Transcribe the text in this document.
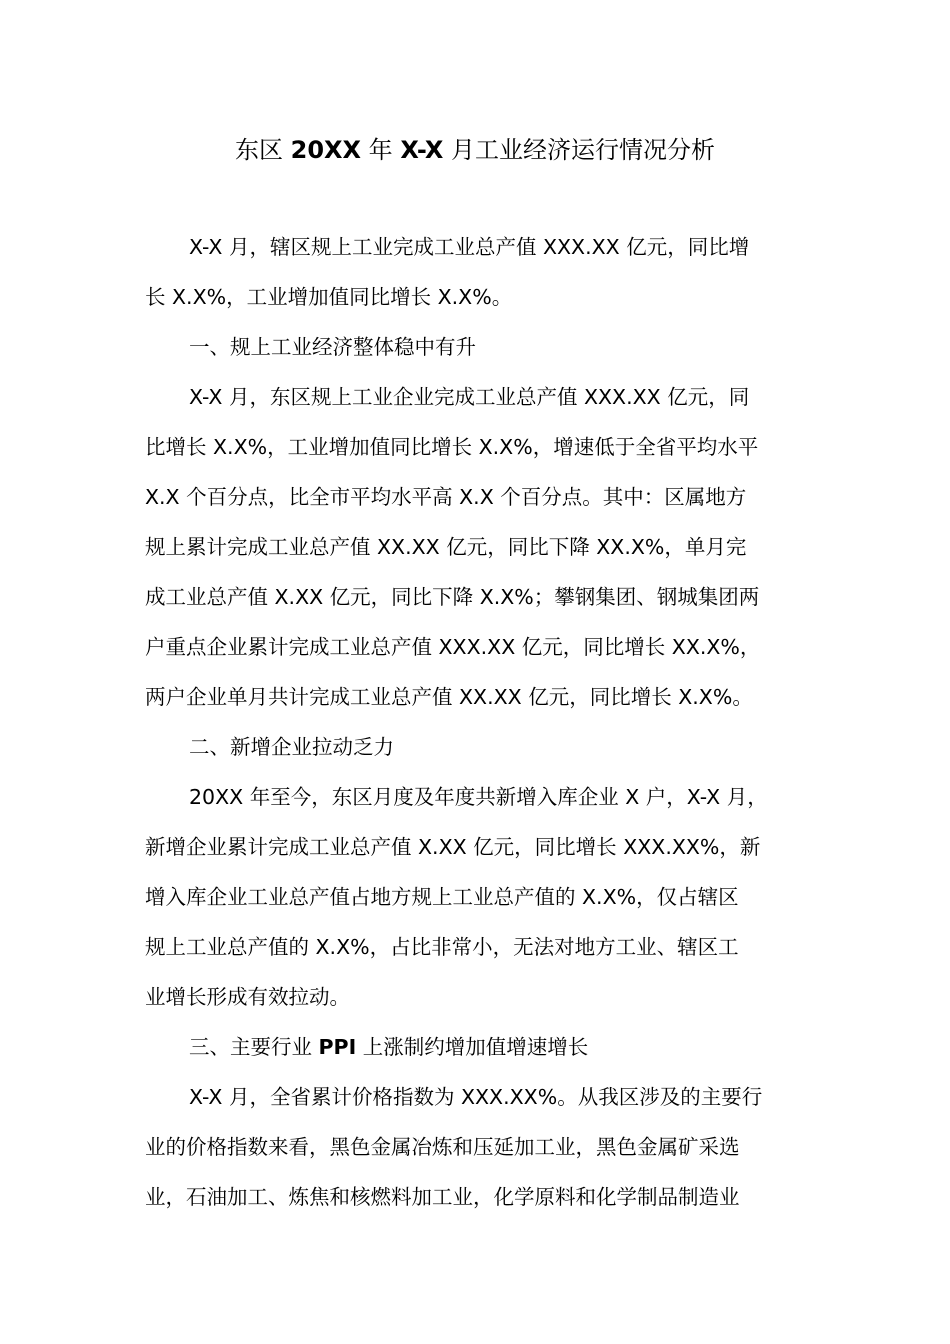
东区 20XX 年 X-X 月工业经济运行情况分析
X-X 月，辖区规上工业完成工业总产值 XXX.XX 亿元，同比增
长 X.X%，工业增加值同比增长 X.X%。
一、规上工业经济整体稳中有升
X-X 月，东区规上工业企业完成工业总产值 XXX.XX 亿元，同
比增长 X.X%，工业增加值同比增长 X.X%，增速低于全省平均水平
X.X 个百分点，比全市平均水平高 X.X 个百分点。其中：区属地方
规上累计完成工业总产值 XX.XX 亿元，同比下降 XX.X%，单月完
成工业总产值 X.XX 亿元，同比下降 X.X%；攀钢集团、钢城集团两
户重点企业累计完成工业总产值 XXX.XX 亿元，同比增长 XX.X%，
两户企业单月共计完成工业总产值 XX.XX 亿元，同比增长 X.X%。
二、新增企业拉动乏力
20XX 年至今，东区月度及年度共新增入库企业 X 户，X-X 月，
新增企业累计完成工业总产值 X.XX 亿元，同比增长 XXX.XX%，新
增入库企业工业总产值占地方规上工业总产值的 X.X%，仅占辖区
规上工业总产值的 X.X%，占比非常小，无法对地方工业、辖区工
业增长形成有效拉动。
三、主要行业 PPI 上涨制约增加值增速增长
X-X 月，全省累计价格指数为 XXX.XX%。从我区涉及的主要行
业的价格指数来看，黑色金属冶炼和压延加工业，黑色金属矿采选
业，石油加工、炼焦和核燃料加工业，化学原料和化学制品制造业
